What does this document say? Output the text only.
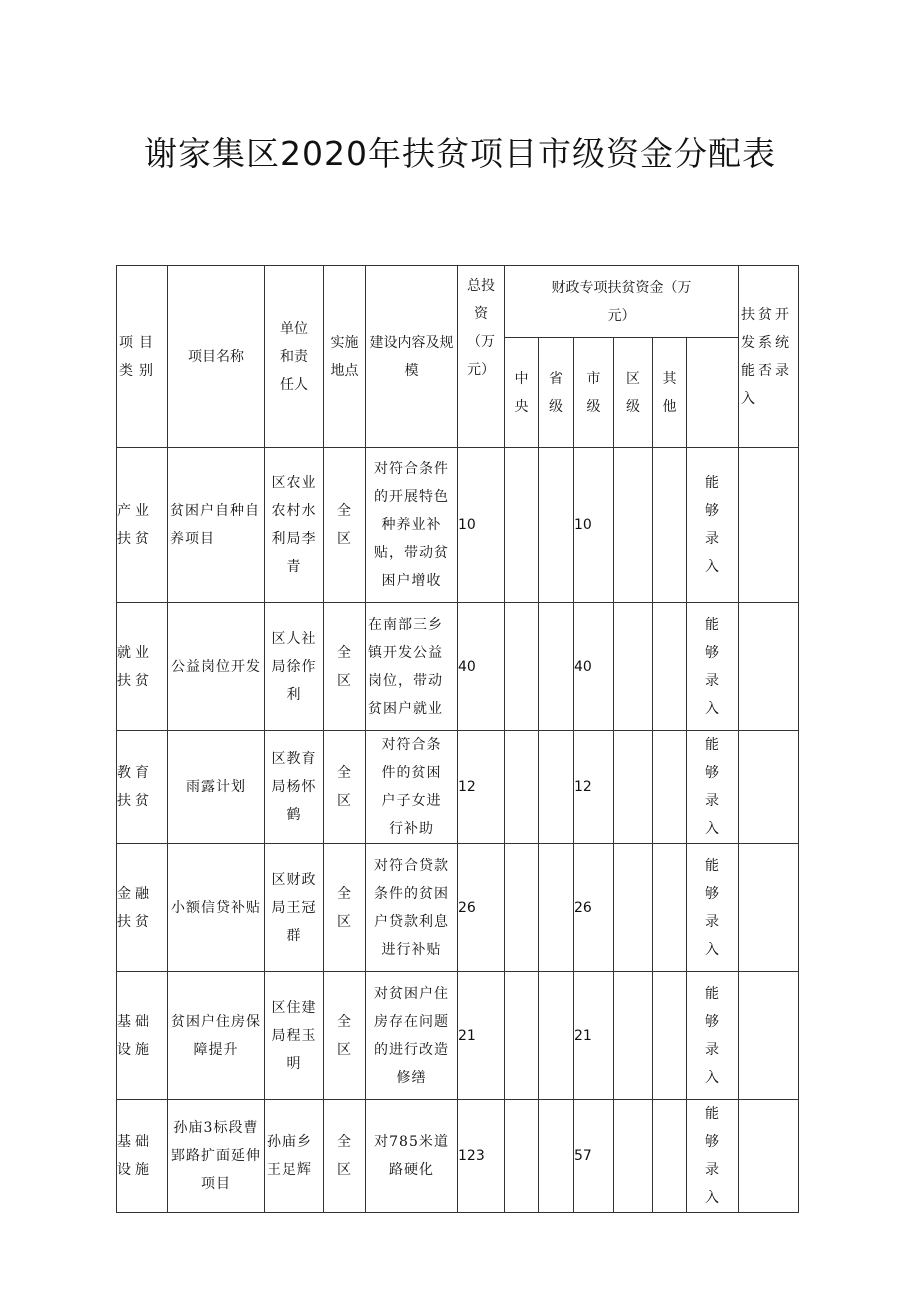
谢家集区2020年扶贫项目市级资金分配表
项目类别	项目名称	单位和责任人	实施地点	建设内容及规模	总投资（万元）	财政专项扶贫资金（万元）						扶贫开发系统能否录入	
						中央	省级	市级	区级	其他			
产业扶贫	贫困户自种自养项目	区农业农村水利局李青	全区	对符合条件的开展特色种养业补贴，带动贫困户增收	10			10			能够录入		
就业扶贫	公益岗位开发	区人社局徐作利	全区	在南部三乡镇开发公益岗位，带动贫困户就业	40			40			能够录入		
教育扶贫	雨露计划	区教育局杨怀鹤	全区	对符合条件的贫困户子女进行补助	12			12			能够录入		
金融扶贫	小额信贷补贴	区财政局王冠群	全区	对符合贷款条件的贫困户贷款利息进行补贴	26			26			能够录入		
基础设施	贫困户住房保障提升	区住建局程玉明	全区	对贫困户住房存在问题的进行改造修缮	21			21			能够录入		
基础设施	孙庙3标段曹郢路扩面延伸项目	孙庙乡王足辉	全区	对785米道路硬化	123			57			能够录入		
